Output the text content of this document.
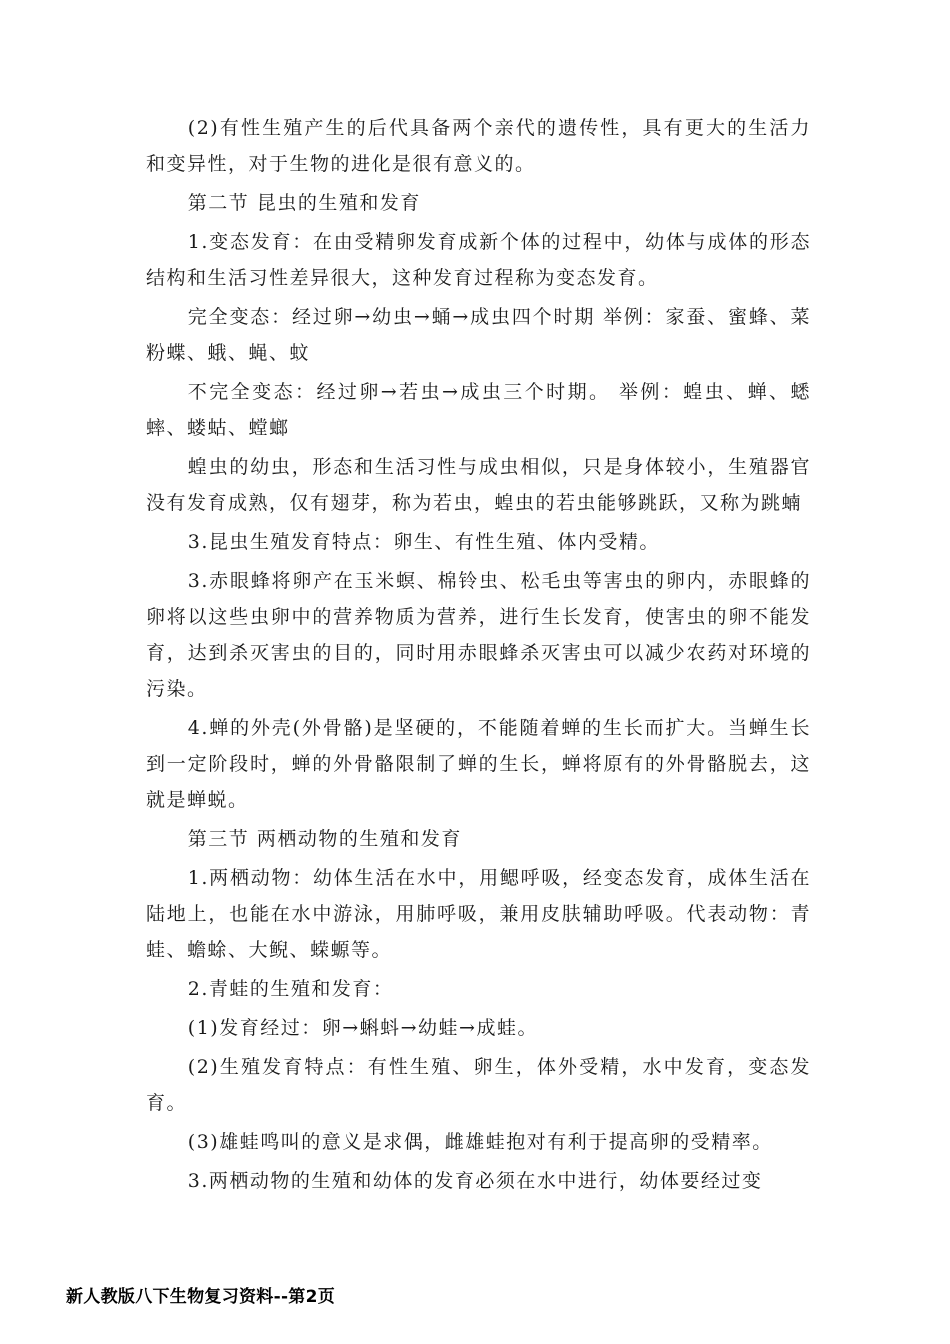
(2)有性生殖产生的后代具备两个亲代的遗传性，具有更大的生活力和变异性，对于生物的进化是很有意义的。

第二节 昆虫的生殖和发育

1.变态发育：在由受精卵发育成新个体的过程中，幼体与成体的形态结构和生活习性差异很大，这种发育过程称为变态发育。

完全变态：经过卵→幼虫→蛹→成虫四个时期 举例：家蚕、蜜蜂、菜粉蝶、蛾、蝇、蚊

不完全变态：经过卵→若虫→成虫三个时期。 举例：蝗虫、蝉、蟋蟀、蝼蛄、螳螂

蝗虫的幼虫，形态和生活习性与成虫相似，只是身体较小，生殖器官没有发育成熟，仅有翅芽，称为若虫，蝗虫的若虫能够跳跃，又称为跳蝻

3.昆虫生殖发育特点：卵生、有性生殖、体内受精。

3.赤眼蜂将卵产在玉米螟、棉铃虫、松毛虫等害虫的卵内，赤眼蜂的卵将以这些虫卵中的营养物质为营养，进行生长发育，使害虫的卵不能发育，达到杀灭害虫的目的，同时用赤眼蜂杀灭害虫可以减少农药对环境的污染。

4.蝉的外壳(外骨骼)是坚硬的，不能随着蝉的生长而扩大。当蝉生长到一定阶段时，蝉的外骨骼限制了蝉的生长，蝉将原有的外骨骼脱去，这就是蝉蜕。

第三节 两栖动物的生殖和发育

1.两栖动物：幼体生活在水中，用鳃呼吸，经变态发育，成体生活在陆地上，也能在水中游泳，用肺呼吸，兼用皮肤辅助呼吸。代表动物：青蛙、蟾蜍、大鲵、蝾螈等。

2.青蛙的生殖和发育：

(1)发育经过：卵→蝌蚪→幼蛙→成蛙。

(2)生殖发育特点：有性生殖、卵生，体外受精，水中发育，变态发育。

(3)雄蛙鸣叫的意义是求偶，雌雄蛙抱对有利于提高卵的受精率。

3.两栖动物的生殖和幼体的发育必须在水中进行，幼体要经过变

新人教版八下生物复习资料--第2页
